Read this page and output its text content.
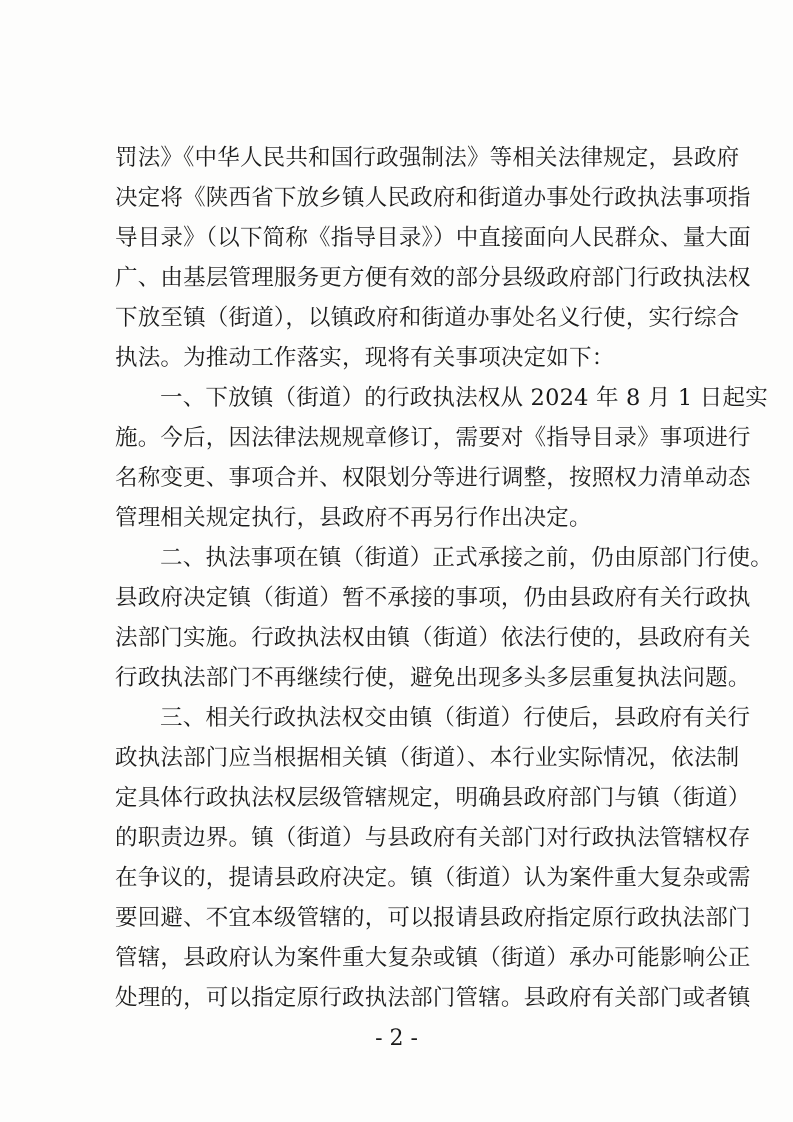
罚法》《中华人民共和国行政强制法》等相关法律规定，县政府
决定将《陕西省下放乡镇人民政府和街道办事处行政执法事项指
导目录》（以下简称《指导目录》）中直接面向人民群众、量大面
广、由基层管理服务更方便有效的部分县级政府部门行政执法权
下放至镇（街道），以镇政府和街道办事处名义行使，实行综合
执法。为推动工作落实，现将有关事项决定如下：
一、下放镇（街道）的行政执法权从 2024 年 8 月 1 日起实
施。今后，因法律法规规章修订，需要对《指导目录》事项进行
名称变更、事项合并、权限划分等进行调整，按照权力清单动态
管理相关规定执行，县政府不再另行作出决定。
二、执法事项在镇（街道）正式承接之前，仍由原部门行使。
县政府决定镇（街道）暂不承接的事项，仍由县政府有关行政执
法部门实施。行政执法权由镇（街道）依法行使的，县政府有关
行政执法部门不再继续行使，避免出现多头多层重复执法问题。
三、相关行政执法权交由镇（街道）行使后，县政府有关行
政执法部门应当根据相关镇（街道）、本行业实际情况，依法制
定具体行政执法权层级管辖规定，明确县政府部门与镇（街道）
的职责边界。镇（街道）与县政府有关部门对行政执法管辖权存
在争议的，提请县政府决定。镇（街道）认为案件重大复杂或需
要回避、不宜本级管辖的，可以报请县政府指定原行政执法部门
管辖，县政府认为案件重大复杂或镇（街道）承办可能影响公正
处理的，可以指定原行政执法部门管辖。县政府有关部门或者镇
- 2 -
